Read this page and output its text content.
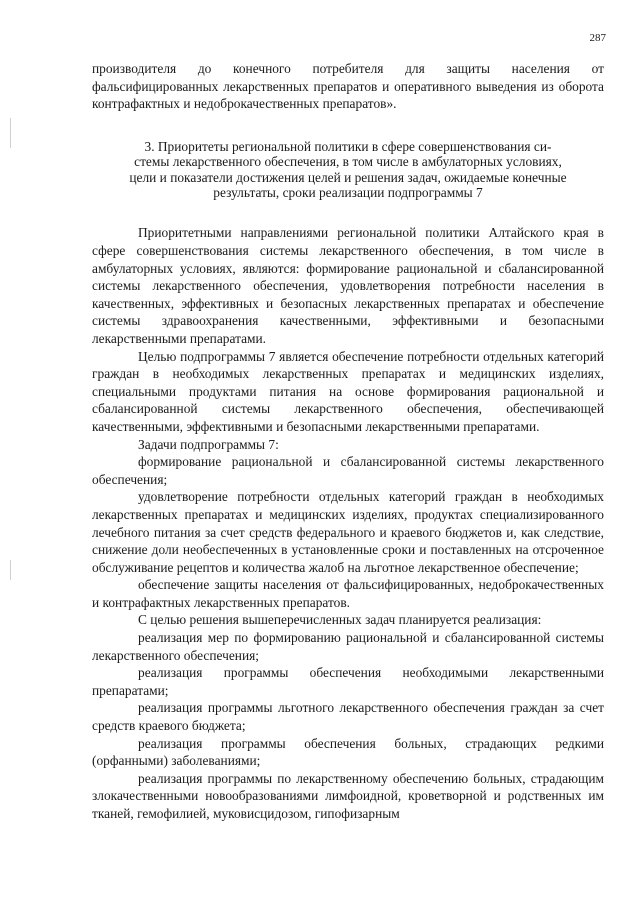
287

производителя до конечного потребителя для защиты населения от фальсифицированных лекарственных препаратов и оперативного выведения из оборота контрафактных и недоброкачественных препаратов».

3. Приоритеты региональной политики в сфере совершенствования си-
стемы лекарственного обеспечения, в том числе в амбулаторных условиях,
цели и показатели достижения целей и решения задач, ожидаемые конечные
результаты, сроки реализации подпрограммы 7

Приоритетными направлениями региональной политики Алтайского края в сфере совершенствования системы лекарственного обеспечения, в том числе в амбулаторных условиях, являются: формирование рациональной и сбалансированной системы лекарственного обеспечения, удовлетворения потребности населения в качественных, эффективных и безопасных лекарственных препаратах и обеспечение системы здравоохранения качественными, эффективными и безопасными лекарственными препаратами.

Целью подпрограммы 7 является обеспечение потребности отдельных категорий граждан в необходимых лекарственных препаратах и медицинских изделиях, специальными продуктами питания на основе формирования рациональной и сбалансированной системы лекарственного обеспечения, обеспечивающей качественными, эффективными и безопасными лекарственными препаратами.

Задачи подпрограммы 7:

формирование рациональной и сбалансированной системы лекарственного обеспечения;

удовлетворение потребности отдельных категорий граждан в необходимых лекарственных препаратах и медицинских изделиях, продуктах специализированного лечебного питания за счет средств федерального и краевого бюджетов и, как следствие, снижение доли необеспеченных в установленные сроки и поставленных на отсроченное обслуживание рецептов и количества жалоб на льготное лекарственное обеспечение;

обеспечение защиты населения от фальсифицированных, недоброкачественных и контрафактных лекарственных препаратов.

С целью решения вышеперечисленных задач планируется реализация:

реализация мер по формированию рациональной и сбалансированной системы лекарственного обеспечения;

реализация программы обеспечения необходимыми лекарственными препаратами;

реализация программы льготного лекарственного обеспечения граждан за счет средств краевого бюджета;

реализация программы обеспечения больных, страдающих редкими (орфанными) заболеваниями;

реализация программы по лекарственному обеспечению больных, страдающим злокачественными новообразованиями лимфоидной, кроветворной и родственных им тканей, гемофилией, муковисцидозом, гипофизарным
